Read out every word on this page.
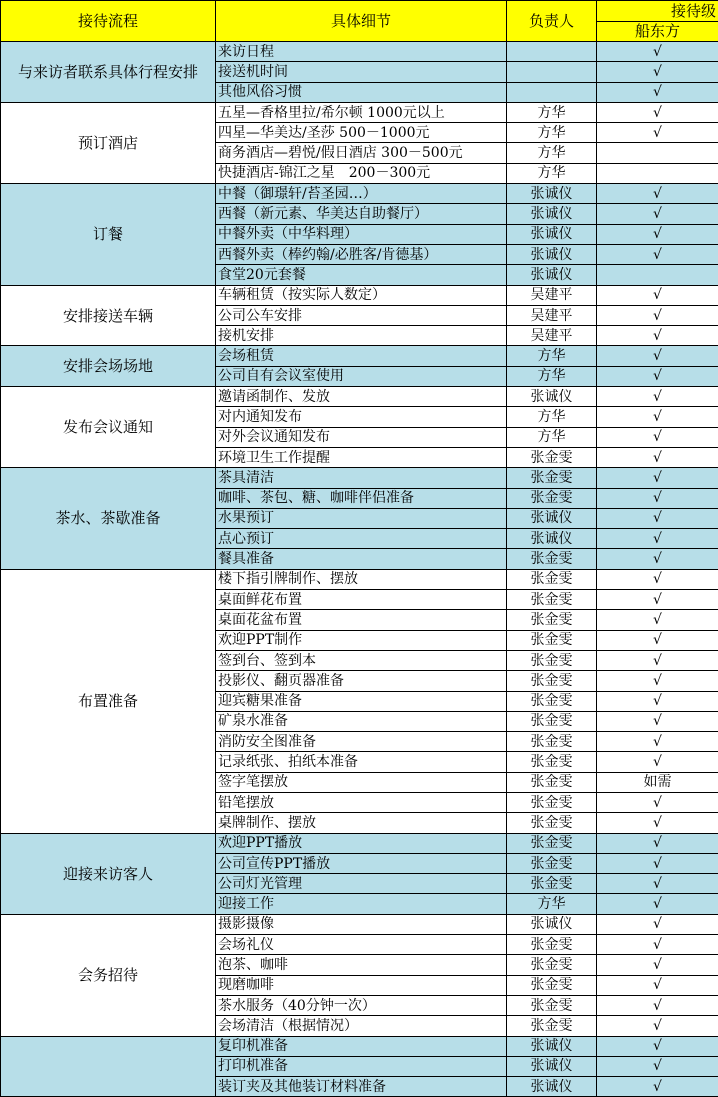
接待流程	具体细节	负责人	接待级
			船东方
与来访者联系具体行程安排	来访日程		√
	接送机时间		√
	其他风俗习惯		√
预订酒店	五星—香格里拉/希尔顿 1000元以上	方华	√
	四星—华美达/圣莎 500－1000元	方华	√
	商务酒店—碧悦/假日酒店 300－500元	方华	
	快捷酒店-锦江之星　200－300元	方华	
订餐	中餐（御璟轩/苔圣园…）	张诚仪	√
	西餐（新元素、华美达自助餐厅）	张诚仪	√
	中餐外卖（中华料理）	张诚仪	√
	西餐外卖（棒约翰/必胜客/肯德基）	张诚仪	√
	食堂20元套餐	张诚仪	
安排接送车辆	车辆租赁（按实际人数定）	吴建平	√
	公司公车安排	吴建平	√
	接机安排	吴建平	√
安排会场场地	会场租赁	方华	√
	公司自有会议室使用	方华	√
发布会议通知	邀请函制作、发放	张诚仪	√
	对内通知发布	方华	√
	对外会议通知发布	方华	√
	环境卫生工作提醒	张金雯	√
茶水、茶歇准备	茶具清洁	张金雯	√
	咖啡、茶包、糖、咖啡伴侣准备	张金雯	√
	水果预订	张诚仪	√
	点心预订	张诚仪	√
	餐具准备	张金雯	√
布置准备	楼下指引牌制作、摆放	张金雯	√
	桌面鲜花布置	张金雯	√
	桌面花盆布置	张金雯	√
	欢迎PPT制作	张金雯	√
	签到台、签到本	张金雯	√
	投影仪、翻页器准备	张金雯	√
	迎宾糖果准备	张金雯	√
	矿泉水准备	张金雯	√
	消防安全图准备	张金雯	√
	记录纸张、拍纸本准备	张金雯	√
	签字笔摆放	张金雯	如需
	铅笔摆放	张金雯	√
	桌牌制作、摆放	张金雯	√
迎接来访客人	欢迎PPT播放	张金雯	√
	公司宣传PPT播放	张金雯	√
	公司灯光管理	张金雯	√
	迎接工作	方华	√
会务招待	摄影摄像	张诚仪	√
	会场礼仪	张金雯	√
	泡茶、咖啡	张金雯	√
	现磨咖啡	张金雯	√
	茶水服务（40分钟一次）	张金雯	√
	会场清洁（根据情况）	张金雯	√
	复印机准备	张诚仪	√
	打印机准备	张诚仪	√
	装订夹及其他装订材料准备	张诚仪	√
